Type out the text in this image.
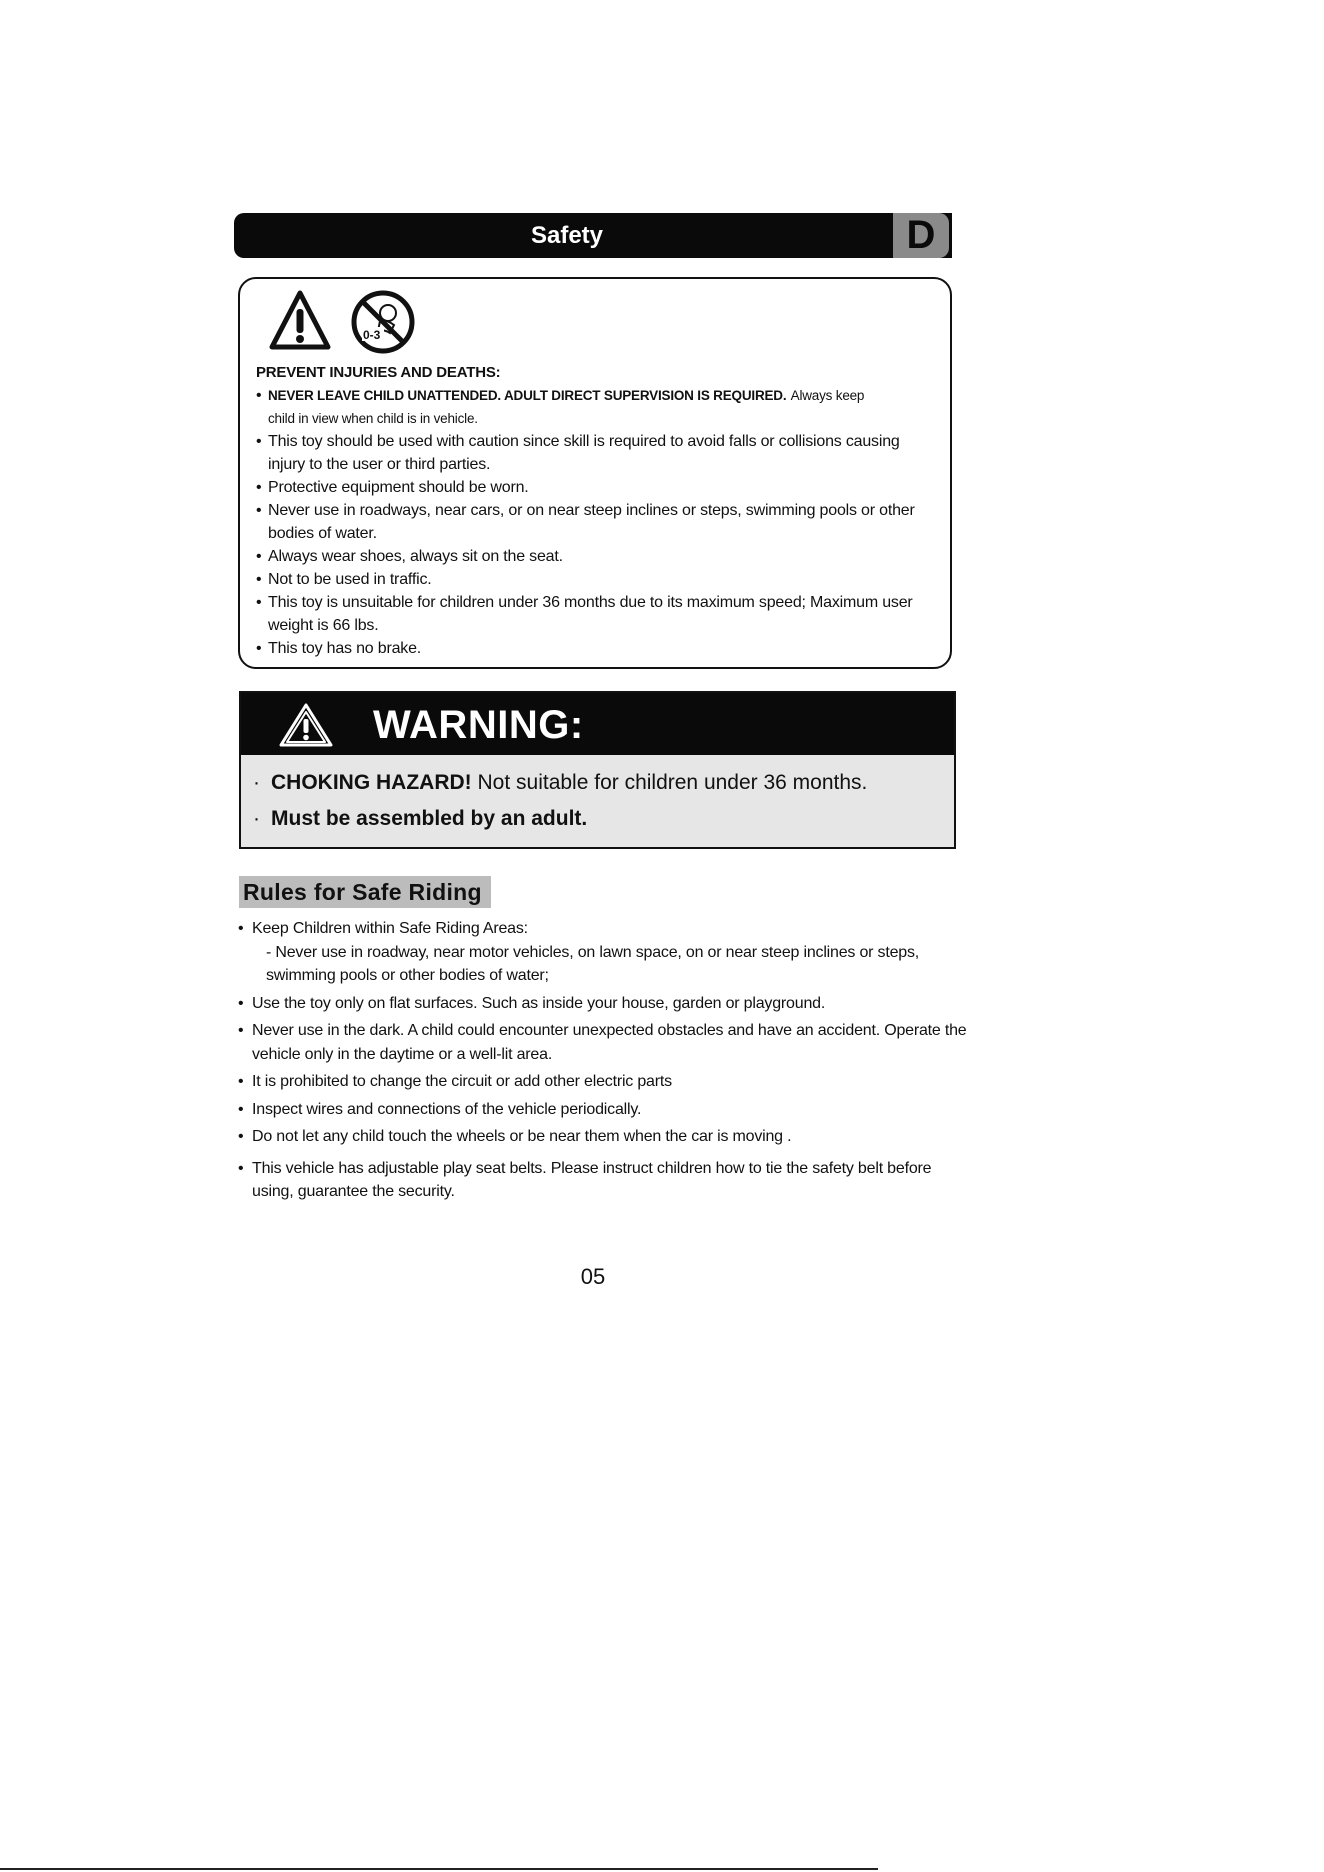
Safety	D

0-3
PREVENT INJURIES AND DEATHS:
• NEVER LEAVE CHILD UNATTENDED. ADULT DIRECT SUPERVISION IS REQUIRED. Always keep
child in view when child is in vehicle.
• This toy should be used with caution since skill is required to avoid falls or collisions causing injury to the user or third parties.
• Protective equipment should be worn.
• Never use in roadways, near cars, or on near steep inclines or steps, swimming pools or other bodies of water.
• Always wear shoes, always sit on the seat.
• Not to be used in traffic.
• This toy is unsuitable for children under 36 months due to its maximum speed; Maximum user weight is 66 lbs.
• This toy has no brake.
WARNING:
· CHOKING HAZARD! Not suitable for children under 36 months.
· Must be assembled by an adult.
Rules for Safe Riding
• Keep Children within Safe Riding Areas:
- Never use in roadway, near motor vehicles, on lawn space, on or near steep inclines or steps, swimming pools or other bodies of water;
• Use the toy only on flat surfaces. Such as inside your house, garden or playground.
• Never use in the dark. A child could encounter unexpected obstacles and have an accident. Operate the vehicle only in the daytime or a well-lit area.
• It is prohibited to change the circuit or add other electric parts
• Inspect wires and connections of the vehicle periodically.
• Do not let any child touch the wheels or be near them when the car is moving .
• This vehicle has adjustable play seat belts. Please instruct children how to tie the safety belt before using, guarantee the security.
05
